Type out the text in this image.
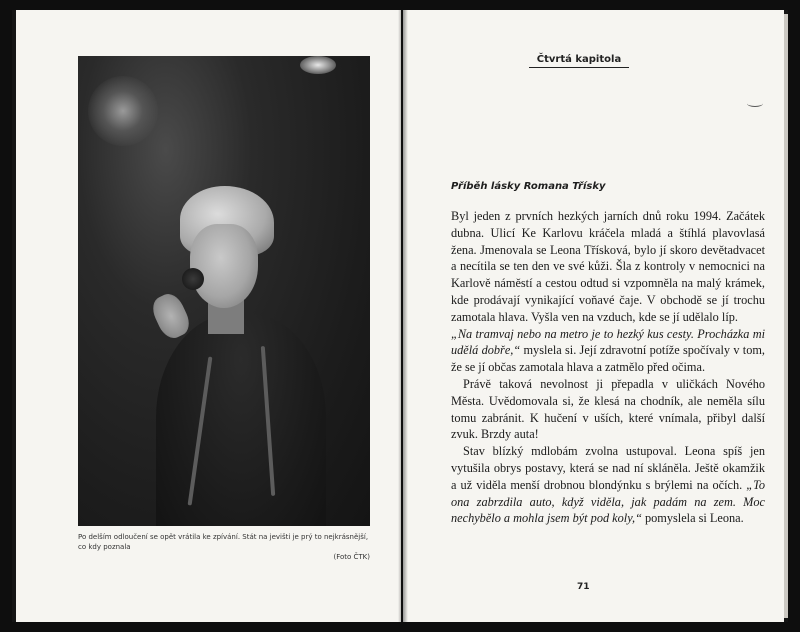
Po delším odloučení se opět vrátila ke zpívání. Stát na jevišti je prý to nejkrásnější, co kdy poznala
(Foto ČTK)
Čtvrtá kapitola
Příběh lásky Romana Třísky

Byl jeden z prvních hezkých jarních dnů roku 1994. Začátek dubna. Ulicí Ke Karlovu kráčela mladá a štíhlá plavovlasá žena. Jmenovala se Leona Třísková, bylo jí skoro devětadvacet a necítila se ten den ve své kůži. Šla z kontroly v nemocnici na Karlově náměstí a cestou odtud si vzpomněla na malý krámek, kde prodávají vynikající voňavé čaje. V obchodě se jí trochu zamotala hlava. Vyšla ven na vzduch, kde se jí udělalo líp.

„Na tramvaj nebo na metro je to hezký kus cesty. Procházka mi udělá dobře,“ myslela si. Její zdravotní potíže spočívaly v tom, že se jí občas zamotala hlava a zatmělo před očima.

Právě taková nevolnost ji přepadla v uličkách Nového Města. Uvědomovala si, že klesá na chodník, ale neměla sílu tomu zabránit. K hučení v uších, které vnímala, přibyl další zvuk. Brzdy auta!

Stav blízký mdlobám zvolna ustupoval. Leona spíš jen vytušila obrys postavy, která se nad ní skláněla. Ještě okamžik a už viděla menší drobnou blondýnku s brýlemi na očích. „To ona zabrzdila auto, když viděla, jak padám na zem. Moc nechybělo a mohla jsem být pod koly,“ pomyslela si Leona.

71
